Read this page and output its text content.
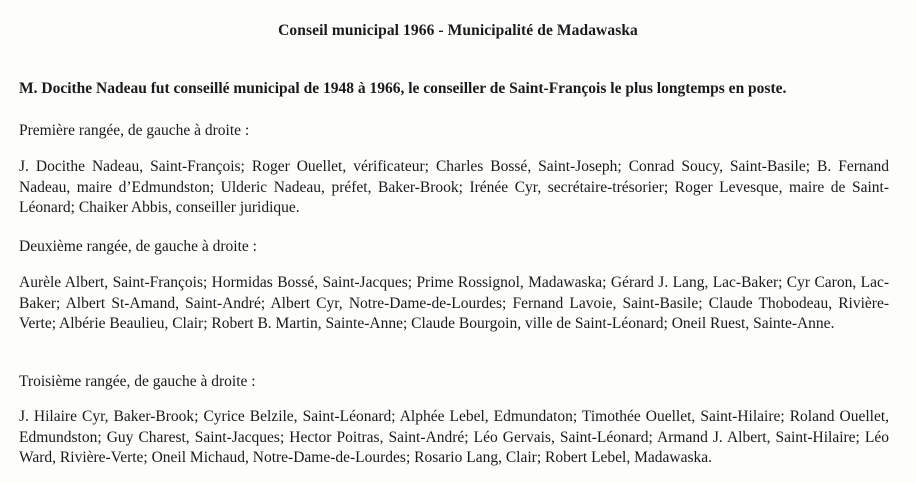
Conseil municipal 1966 - Municipalité de Madawaska
M. Docithe Nadeau fut conseillé municipal de 1948 à 1966, le conseiller de Saint-François le plus longtemps en poste.
Première rangée, de gauche à droite :
J. Docithe Nadeau, Saint-François; Roger Ouellet, vérificateur; Charles Bossé, Saint-Joseph; Conrad Soucy, Saint-Basile; B. Fernand Nadeau, maire d’Edmundston; Ulderic Nadeau, préfet, Baker-Brook; Irénée Cyr, secrétaire-trésorier; Roger Levesque, maire de Saint-Léonard; Chaiker Abbis, conseiller juridique.
Deuxième rangée, de gauche à droite :
Aurèle Albert, Saint-François; Hormidas Bossé, Saint-Jacques; Prime Rossignol, Madawaska; Gérard J. Lang, Lac-Baker; Cyr Caron, Lac-Baker; Albert St-Amand, Saint-André; Albert Cyr, Notre-Dame-de-Lourdes; Fernand Lavoie, Saint-Basile; Claude Thobodeau, Rivière-Verte; Albérie Beaulieu, Clair; Robert B. Martin, Sainte-Anne; Claude Bourgoin, ville de Saint-Léonard; Oneil Ruest, Sainte-Anne.
Troisième rangée, de gauche à droite :
J. Hilaire Cyr, Baker-Brook; Cyrice Belzile, Saint-Léonard; Alphée Lebel, Edmundaton; Timothée Ouellet, Saint-Hilaire; Roland Ouellet, Edmundston; Guy Charest, Saint-Jacques; Hector Poitras, Saint-André; Léo Gervais, Saint-Léonard; Armand J. Albert, Saint-Hilaire; Léo Ward, Rivière-Verte; Oneil Michaud, Notre-Dame-de-Lourdes; Rosario Lang, Clair; Robert Lebel, Madawaska.
